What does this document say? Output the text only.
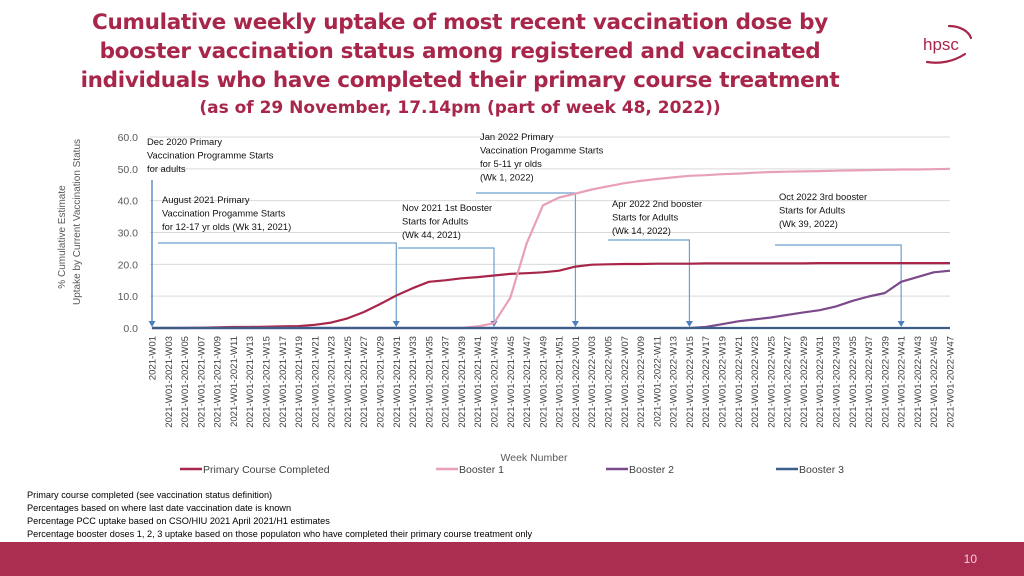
Cumulative weekly uptake of most recent vaccination dose by
booster vaccination status among registered and vaccinated
individuals who have completed their primary course treatment
(as of 29 November, 17.14pm (part of week 48, 2022))
hpsc
0.0
10.0
20.0
30.0
40.0
50.0
60.0
2021-W01 2021-W01-2021-W03 2021-W01-2021-W05 2021-W01-2021-W07 2021-W01-2021-W09 2021-W01-2021-W11 2021-W01-2021-W13 2021-W01-2021-W15 2021-W01-2021-W17 2021-W01-2021-W19 2021-W01-2021-W21 2021-W01-2021-W23 2021-W01-2021-W25 2021-W01-2021-W27 2021-W01-2021-W29 2021-W01-2021-W31 2021-W01-2021-W33 2021-W01-2021-W35 2021-W01-2021-W37 2021-W01-2021-W39 2021-W01-2021-W41 2021-W01-2021-W43 2021-W01-2021-W45 2021-W01-2021-W47 2021-W01-2021-W49 2021-W01-2021-W51 2021-W01-2022-W01 2021-W01-2022-W03 2021-W01-2022-W05 2021-W01-2022-W07 2021-W01-2022-W09 2021-W01-2022-W11 2021-W01-2022-W13 2021-W01-2022-W15 2021-W01-2022-W17 2021-W01-2022-W19 2021-W01-2022-W21 2021-W01-2022-W23 2021-W01-2022-W25 2021-W01-2022-W27 2021-W01-2022-W29 2021-W01-2022-W31 2021-W01-2022-W33 2021-W01-2022-W35 2021-W01-2022-W37 2021-W01-2022-W39 2021-W01-2022-W41 2021-W01-2022-W43 2021-W01-2022-W45 2021-W01-2022-W47
Dec 2020 Primary
Vaccination Programme Starts
for adults
August 2021 Primary
Vaccination Progamme Starts
for 12-17 yr olds (Wk 31, 2021)
Nov 2021 1st Booster
Starts for Adults
(Wk 44, 2021)
Jan 2022 Primary
Vaccination Progamme Starts
for 5-11 yr olds
(Wk 1, 2022)
Apr 2022 2nd booster
Starts for Adults
(Wk 14, 2022)
Oct 2022 3rd booster
Starts for Adults
(Wk 39, 2022)
Primary Course Completed	Booster 1	Booster 2	Booster 3
% Cumulative Estimate Uptake by Current Vaccination Status
Week Number
Primary course completed (see vaccination status definition)
Percentages based on where last date vaccination date is known
Percentage PCC uptake based on CSO/HIU 2021 April 2021/H1 estimates
Percentage booster doses 1, 2, 3 uptake based on those populaton who have completed their primary course treatment only
10
